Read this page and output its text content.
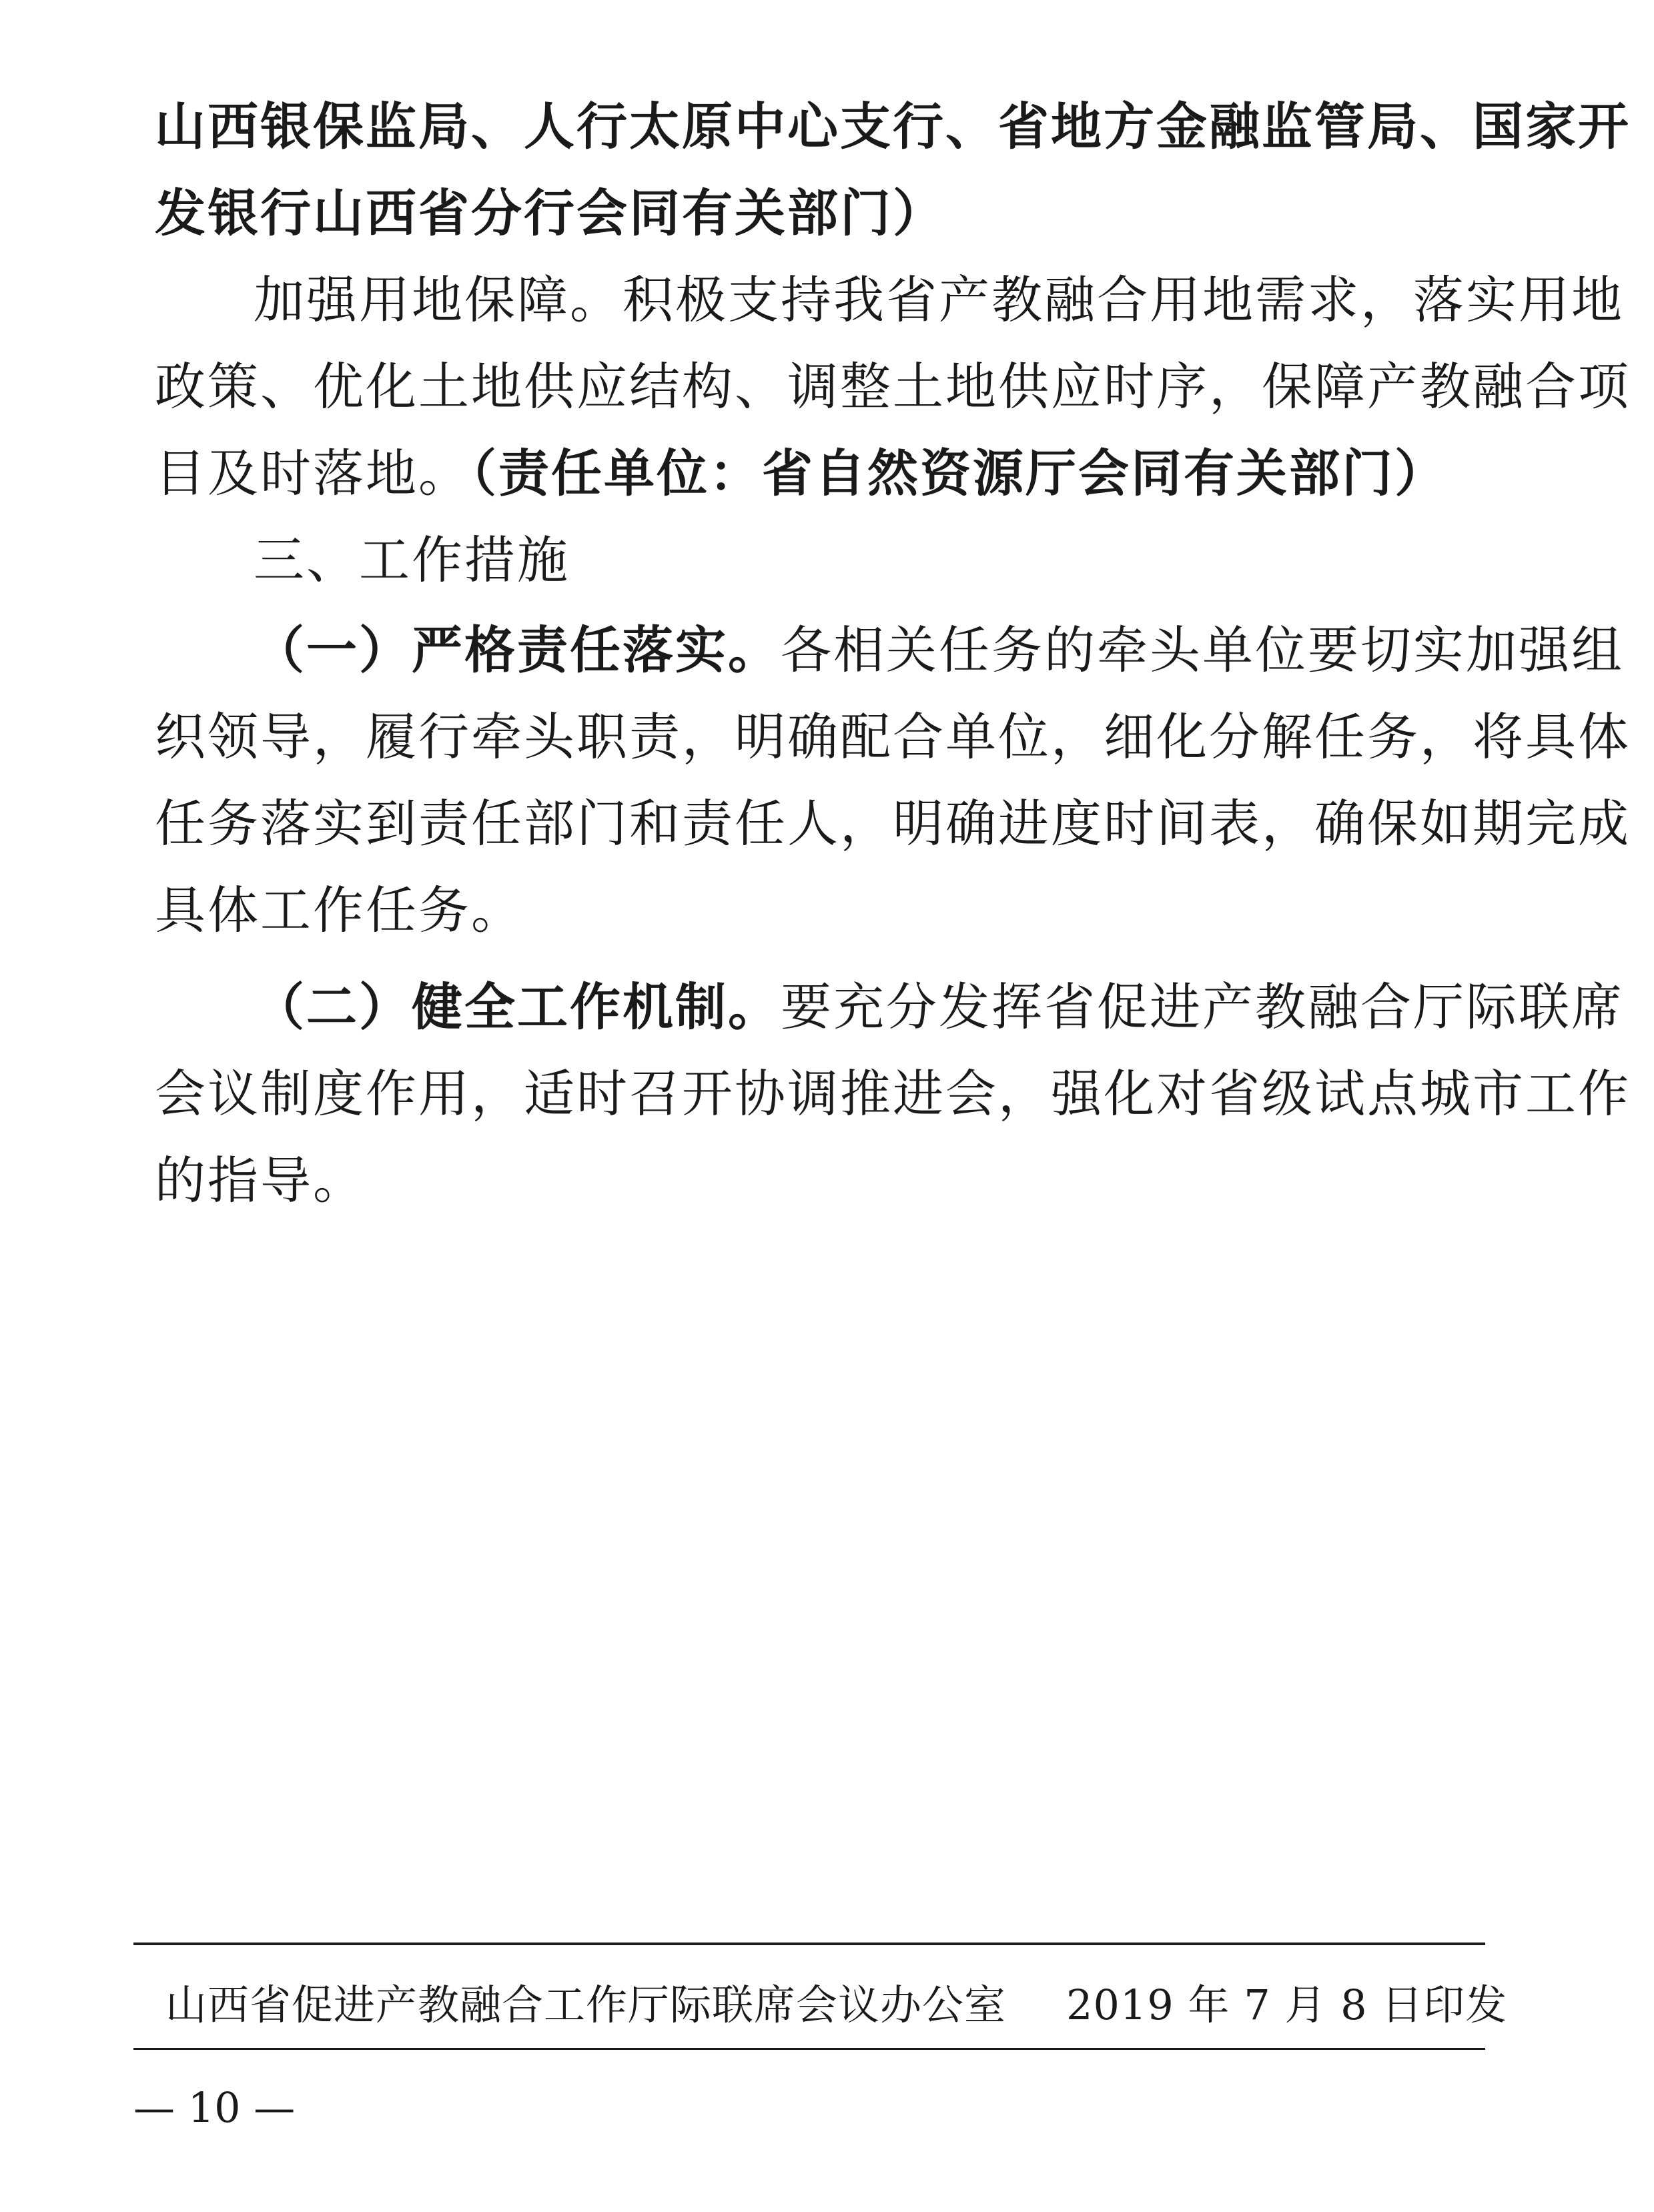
山西银保监局、人行太原中心支行、省地方金融监管局、国家开
发银行山西省分行会同有关部门）
加强用地保障。积极支持我省产教融合用地需求，落实用地
政策、优化土地供应结构、调整土地供应时序，保障产教融合项
目及时落地。（责任单位：省自然资源厅会同有关部门）
三、工作措施
（一）严格责任落实。各相关任务的牵头单位要切实加强组
织领导，履行牵头职责，明确配合单位，细化分解任务，将具体
任务落实到责任部门和责任人，明确进度时间表，确保如期完成
具体工作任务。
（二）健全工作机制。要充分发挥省促进产教融合厅际联席
会议制度作用，适时召开协调推进会，强化对省级试点城市工作
的指导。
山西省促进产教融合工作厅际联席会议办公室 2019 年 7 月 8 日印发
— 10 —
